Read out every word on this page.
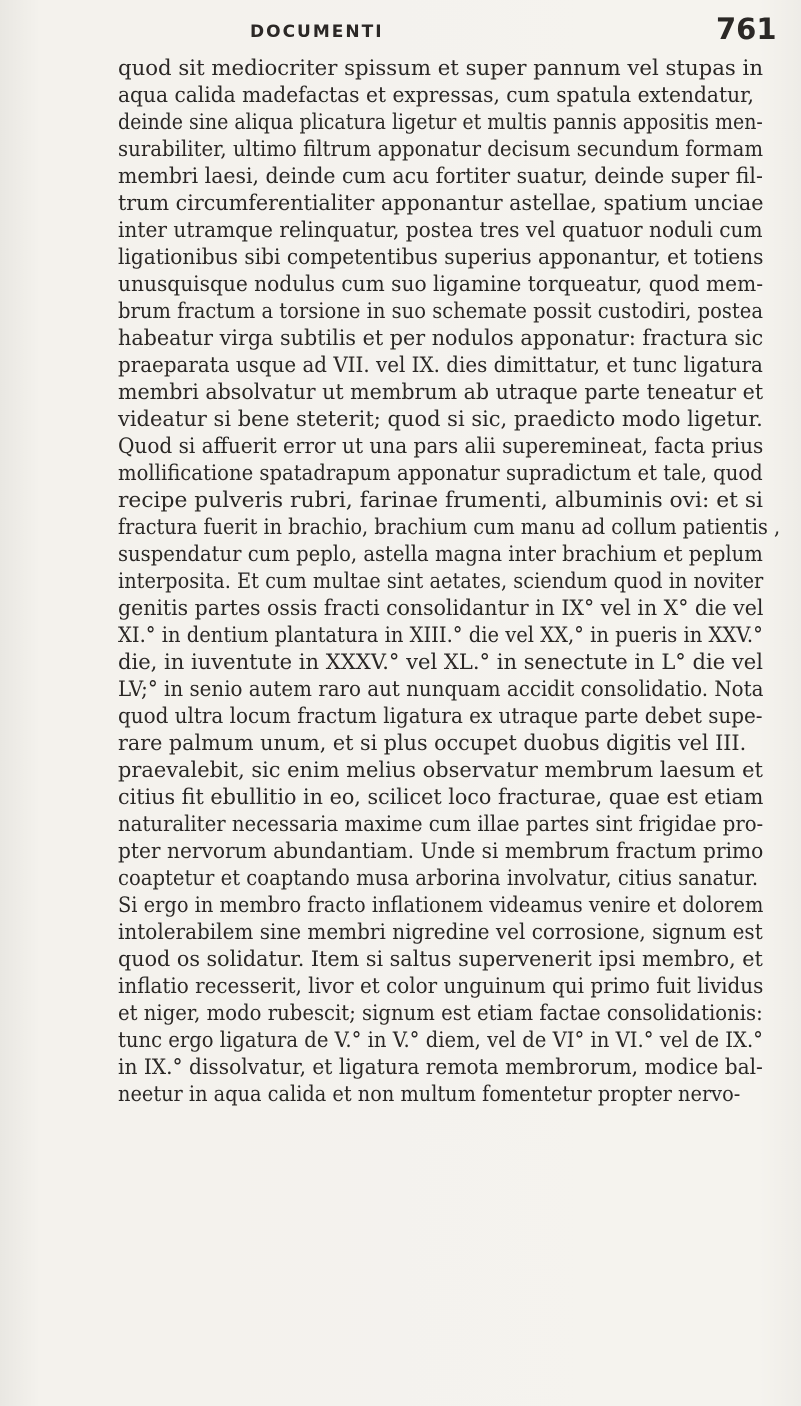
DOCUMENTI	761
quod sit mediocriter spissum et super pannum vel stupas in
aqua calida madefactas et expressas, cum spatula extendatur,
deinde sine aliqua plicatura ligetur et multis pannis appositis men-
surabiliter, ultimo filtrum apponatur decisum secundum formam
membri laesi, deinde cum acu fortiter suatur, deinde super fil-
trum circumferentialiter apponantur astellae, spatium unciae
inter utramque relinquatur, postea tres vel quatuor noduli cum
ligationibus sibi competentibus superius apponantur, et totiens
unusquisque nodulus cum suo ligamine torqueatur, quod mem-
brum fractum a torsione in suo schemate possit custodiri, postea
habeatur virga subtilis et per nodulos apponatur: fractura sic
praeparata usque ad VII. vel IX. dies dimittatur, et tunc ligatura
membri absolvatur ut membrum ab utraque parte teneatur et
videatur si bene steterit; quod si sic, praedicto modo ligetur.
Quod si affuerit error ut una pars alii superemineat, facta prius
mollificatione spatadrapum apponatur supradictum et tale, quod
recipe pulveris rubri, farinae frumenti, albuminis ovi: et si
fractura fuerit in brachio, brachium cum manu ad collum patientis ,
suspendatur cum peplo, astella magna inter brachium et peplum
interposita. Et cum multae sint aetates, sciendum quod in noviter
genitis partes ossis fracti consolidantur in IX° vel in X° die vel
XI.° in dentium plantatura in XIII.° die vel XX,° in pueris in XXV.°
die, in iuventute in XXXV.° vel XL.° in senectute in L° die vel
LV;° in senio autem raro aut nunquam accidit consolidatio. Nota
quod ultra locum fractum ligatura ex utraque parte debet supe-
rare palmum unum, et si plus occupet duobus digitis vel III.
praevalebit, sic enim melius observatur membrum laesum et
citius fit ebullitio in eo, scilicet loco fracturae, quae est etiam
naturaliter necessaria maxime cum illae partes sint frigidae pro-
pter nervorum abundantiam. Unde si membrum fractum primo
coaptetur et coaptando musa arborina involvatur, citius sanatur.
Si ergo in membro fracto inflationem videamus venire et dolorem
intolerabilem sine membri nigredine vel corrosione, signum est
quod os solidatur. Item si saltus supervenerit ipsi membro, et
inflatio recesserit, livor et color unguinum qui primo fuit lividus
et niger, modo rubescit; signum est etiam factae consolidationis:
tunc ergo ligatura de V.° in V.° diem, vel de VI° in VI.° vel de IX.°
in IX.° dissolvatur, et ligatura remota membrorum, modice bal-
neetur in aqua calida et non multum fomentetur propter nervo-
